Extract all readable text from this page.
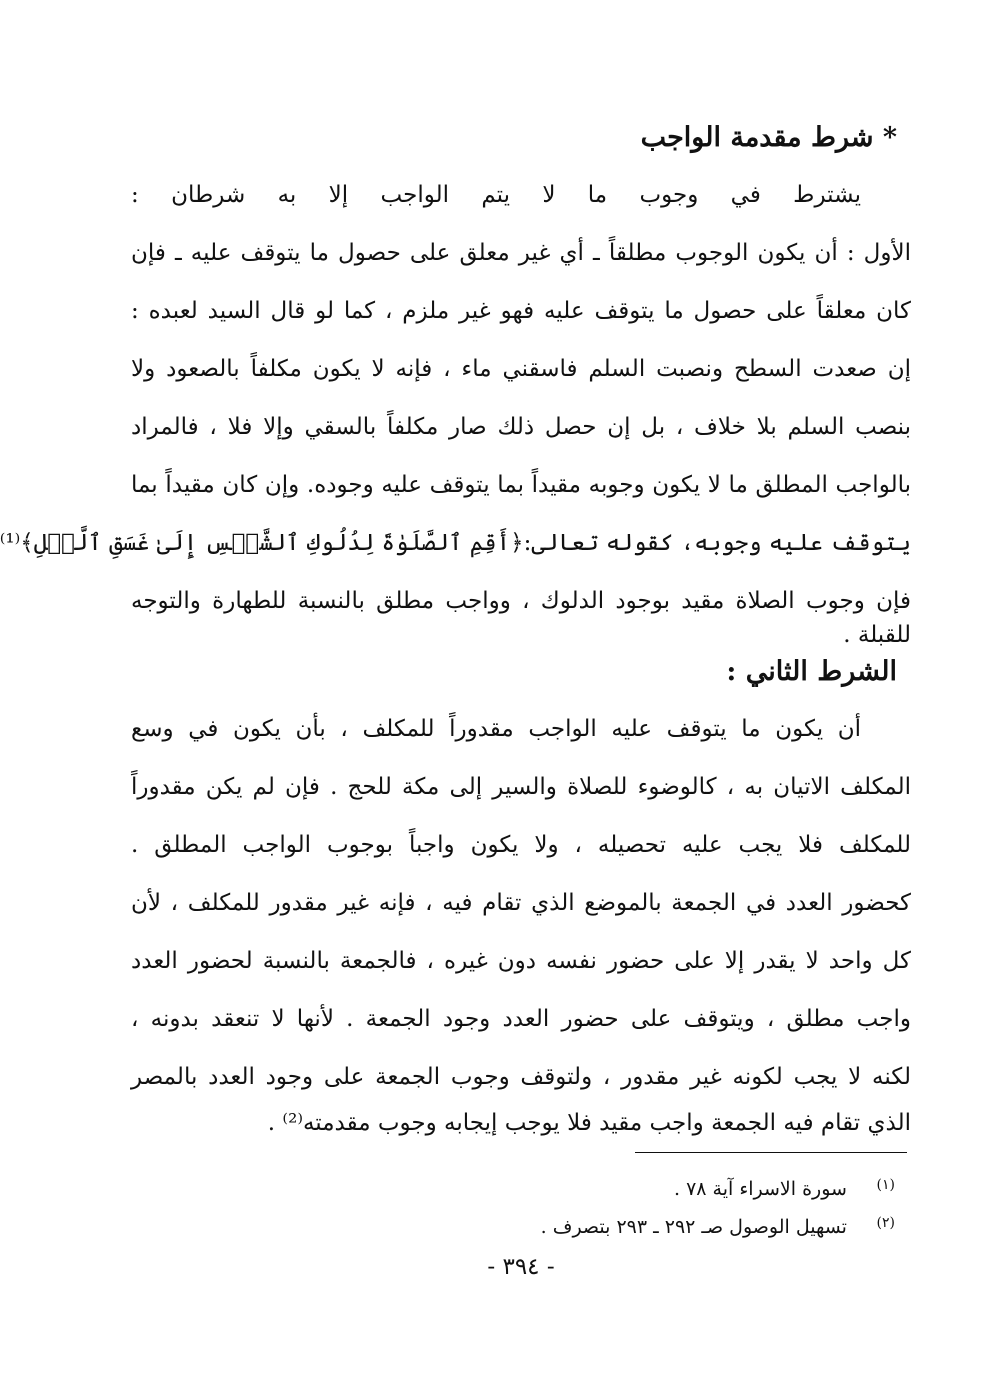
* شرط مقدمة الواجب
يشترط في وجوب ما لا يتم الواجب إلا به شرطان :
الأول : أن يكون الوجوب مطلقاً ـ أي غير معلق على حصول ما يتوقف عليه ـ فإن
كان معلقاً على حصول ما يتوقف عليه فهو غير ملزم ، كما لو قال السيد لعبده :
إن صعدت السطح ونصبت السلم فاسقني ماء ، فإنه لا يكون مكلفاً بالصعود ولا
بنصب السلم بلا خلاف ، بل إن حصل ذلك صار مكلفاً بالسقي وإلا فلا ، فالمراد
بالواجب المطلق ما لا يكون وجوبه مقيداً بما يتوقف عليه وجوده. وإن كان مقيداً بما
يتوقف عليه وجوبه، كقوله تعالى:﴿أَقِمِ ٱلصَّلَوٰةَ لِدُلُوكِ ٱلشَّمۡسِ إِلَىٰ غَسَقِ ٱلَّيۡلِ﴾⁽¹⁾
فإن وجوب الصلاة مقيد بوجود الدلوك ، وواجب مطلق بالنسبة للطهارة والتوجه
للقبلة .
الشرط الثاني :
أن يكون ما يتوقف عليه الواجب مقدوراً للمكلف ، بأن يكون في وسع
المكلف الاتيان به ، كالوضوء للصلاة والسير إلى مكة للحج . فإن لم يكن مقدوراً
للمكلف فلا يجب عليه تحصيله ، ولا يكون واجباً بوجوب الواجب المطلق .
كحضور العدد في الجمعة بالموضع الذي تقام فيه ، فإنه غير مقدور للمكلف ، لأن
كل واحد لا يقدر إلا على حضور نفسه دون غيره ، فالجمعة بالنسبة لحضور العدد
واجب مطلق ، ويتوقف على حضور العدد وجود الجمعة . لأنها لا تنعقد بدونه ،
لكنه لا يجب لكونه غير مقدور ، ولتوقف وجوب الجمعة على وجود العدد بالمصر
الذي تقام فيه الجمعة واجب مقيد فلا يوجب إيجابه وجوب مقدمته⁽²⁾ .
(١) سورة الاسراء آية ٧٨ .
(٢) تسهيل الوصول صـ ٢٩٢ ـ ٢٩٣ بتصرف .
- ٣٩٤ -
